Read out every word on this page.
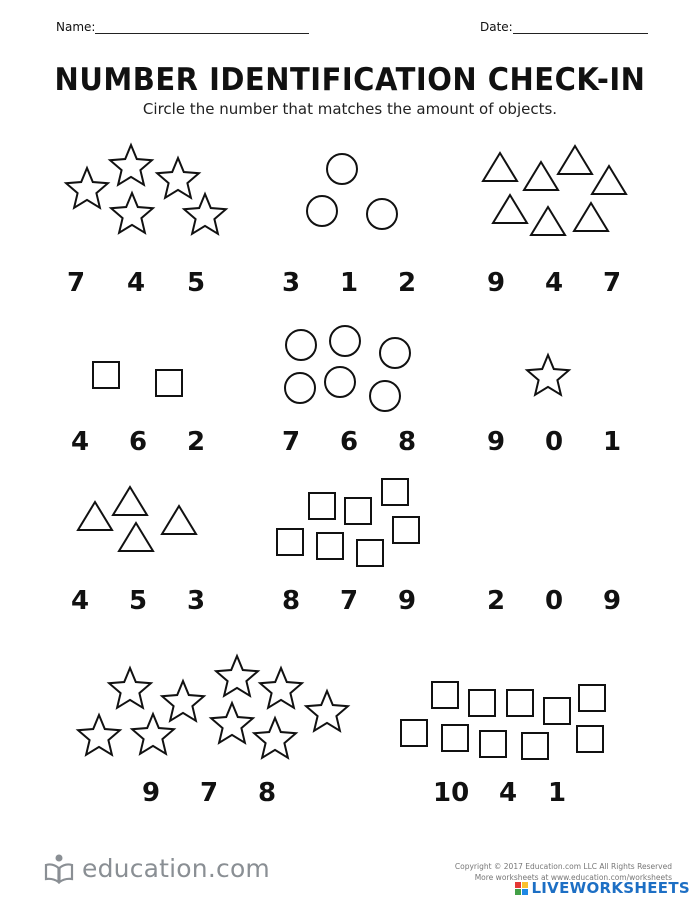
Name:	Date:
NUMBER IDENTIFICATION CHECK-IN
Circle the number that matches the amount of objects.
7 4 5	3 1 2	9 4 7
4 6 2	7 6 8	9 0 1
4 5 3	8 7 9	2 0 9
9 7 8	10 4 1
education.com	Copyright © 2017 Education.com LLC All Rights Reserved
More worksheets at www.education.com/worksheets
LIVEWORKSHEETS
